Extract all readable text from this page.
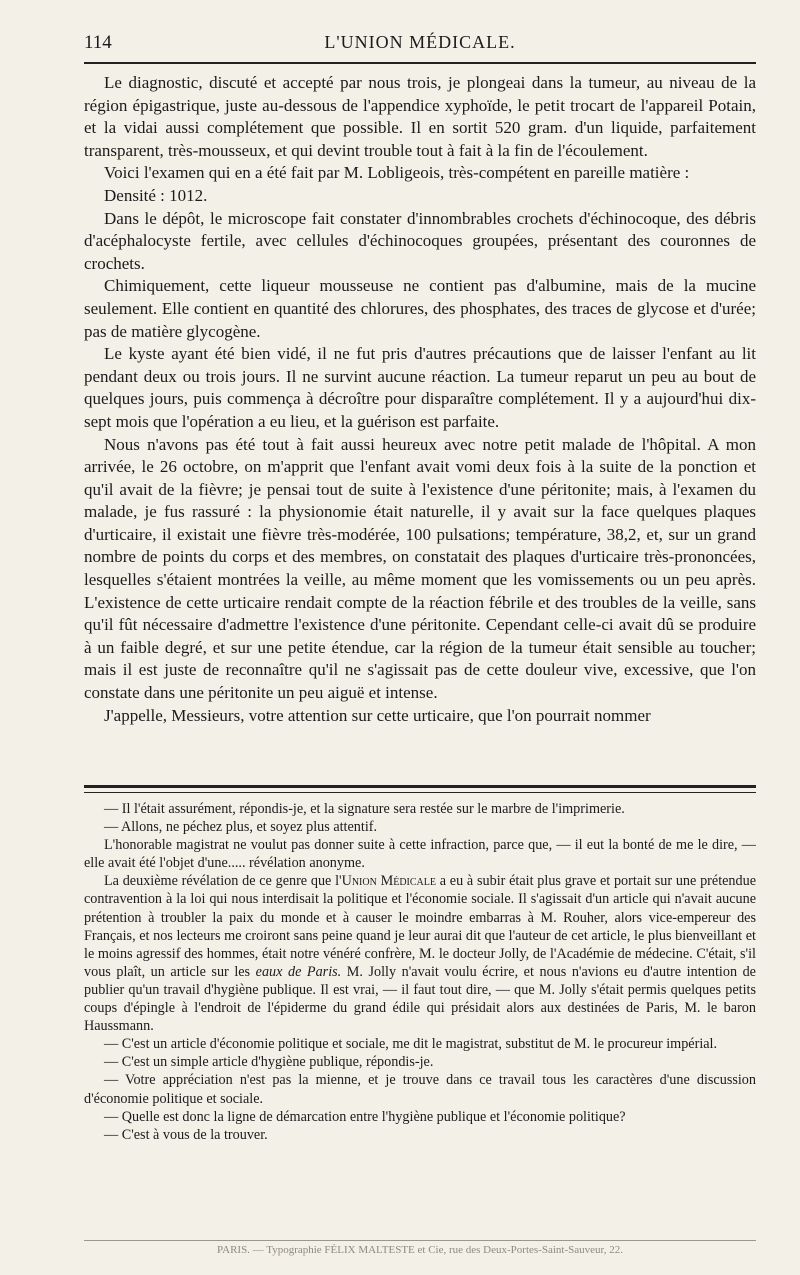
114	L'UNION MÉDICALE.

Le diagnostic, discuté et accepté par nous trois, je plongeai dans la tumeur, au niveau de la région épigastrique, juste au-dessous de l'appendice xyphoïde, le petit trocart de l'appareil Potain, et la vidai aussi complétement que possible. Il en sortit 520 gram. d'un liquide, parfaitement transparent, très-mousseux, et qui devint trouble tout à fait à la fin de l'écoulement.

Voici l'examen qui en a été fait par M. Lobligeois, très-compétent en pareille matière :

Densité : 1012.

Dans le dépôt, le microscope fait constater d'innombrables crochets d'échinocoque, des débris d'acéphalocyste fertile, avec cellules d'échinocoques groupées, présentant des couronnes de crochets.

Chimiquement, cette liqueur mousseuse ne contient pas d'albumine, mais de la mucine seulement. Elle contient en quantité des chlorures, des phosphates, des traces de glycose et d'urée; pas de matière glycogène.

Le kyste ayant été bien vidé, il ne fut pris d'autres précautions que de laisser l'enfant au lit pendant deux ou trois jours. Il ne survint aucune réaction. La tumeur reparut un peu au bout de quelques jours, puis commença à décroître pour disparaître complétement. Il y a aujourd'hui dix-sept mois que l'opération a eu lieu, et la guérison est parfaite.

Nous n'avons pas été tout à fait aussi heureux avec notre petit malade de l'hôpital. A mon arrivée, le 26 octobre, on m'apprit que l'enfant avait vomi deux fois à la suite de la ponction et qu'il avait de la fièvre; je pensai tout de suite à l'existence d'une péritonite; mais, à l'examen du malade, je fus rassuré : la physionomie était naturelle, il y avait sur la face quelques plaques d'urticaire, il existait une fièvre très-modérée, 100 pulsations; température, 38,2, et, sur un grand nombre de points du corps et des membres, on constatait des plaques d'urticaire très-prononcées, lesquelles s'étaient montrées la veille, au même moment que les vomissements ou un peu après. L'existence de cette urticaire rendait compte de la réaction fébrile et des troubles de la veille, sans qu'il fût nécessaire d'admettre l'existence d'une péritonite. Cependant celle-ci avait dû se produire à un faible degré, et sur une petite étendue, car la région de la tumeur était sensible au toucher; mais il est juste de reconnaître qu'il ne s'agissait pas de cette douleur vive, excessive, que l'on constate dans une péritonite un peu aiguë et intense.

J'appelle, Messieurs, votre attention sur cette urticaire, que l'on pourrait nommer

— Il l'était assurément, répondis-je, et la signature sera restée sur le marbre de l'imprimerie.

— Allons, ne péchez plus, et soyez plus attentif.

L'honorable magistrat ne voulut pas donner suite à cette infraction, parce que, — il eut la bonté de me le dire, — elle avait été l'objet d'une..... révélation anonyme.

La deuxième révélation de ce genre que l'Union Médicale a eu à subir était plus grave et portait sur une prétendue contravention à la loi qui nous interdisait la politique et l'économie sociale. Il s'agissait d'un article qui n'avait aucune prétention à troubler la paix du monde et à causer le moindre embarras à M. Rouher, alors vice-empereur des Français, et nos lecteurs me croiront sans peine quand je leur aurai dit que l'auteur de cet article, le plus bienveillant et le moins agressif des hommes, était notre vénéré confrère, M. le docteur Jolly, de l'Académie de médecine. C'était, s'il vous plaît, un article sur les eaux de Paris. M. Jolly n'avait voulu écrire, et nous n'avions eu d'autre intention de publier qu'un travail d'hygiène publique. Il est vrai, — il faut tout dire, — que M. Jolly s'était permis quelques petits coups d'épingle à l'endroit de l'épiderme du grand édile qui présidait alors aux destinées de Paris, M. le baron Haussmann.

— C'est un article d'économie politique et sociale, me dit le magistrat, substitut de M. le procureur impérial.

— C'est un simple article d'hygiène publique, répondis-je.

— Votre appréciation n'est pas la mienne, et je trouve dans ce travail tous les caractères d'une discussion d'économie politique et sociale.

— Quelle est donc la ligne de démarcation entre l'hygiène publique et l'économie politique?

— C'est à vous de la trouver.

PARIS. — Typographie FÉLIX MALTESTE et Cie, rue des Deux-Portes-Saint-Sauveur, 22.
